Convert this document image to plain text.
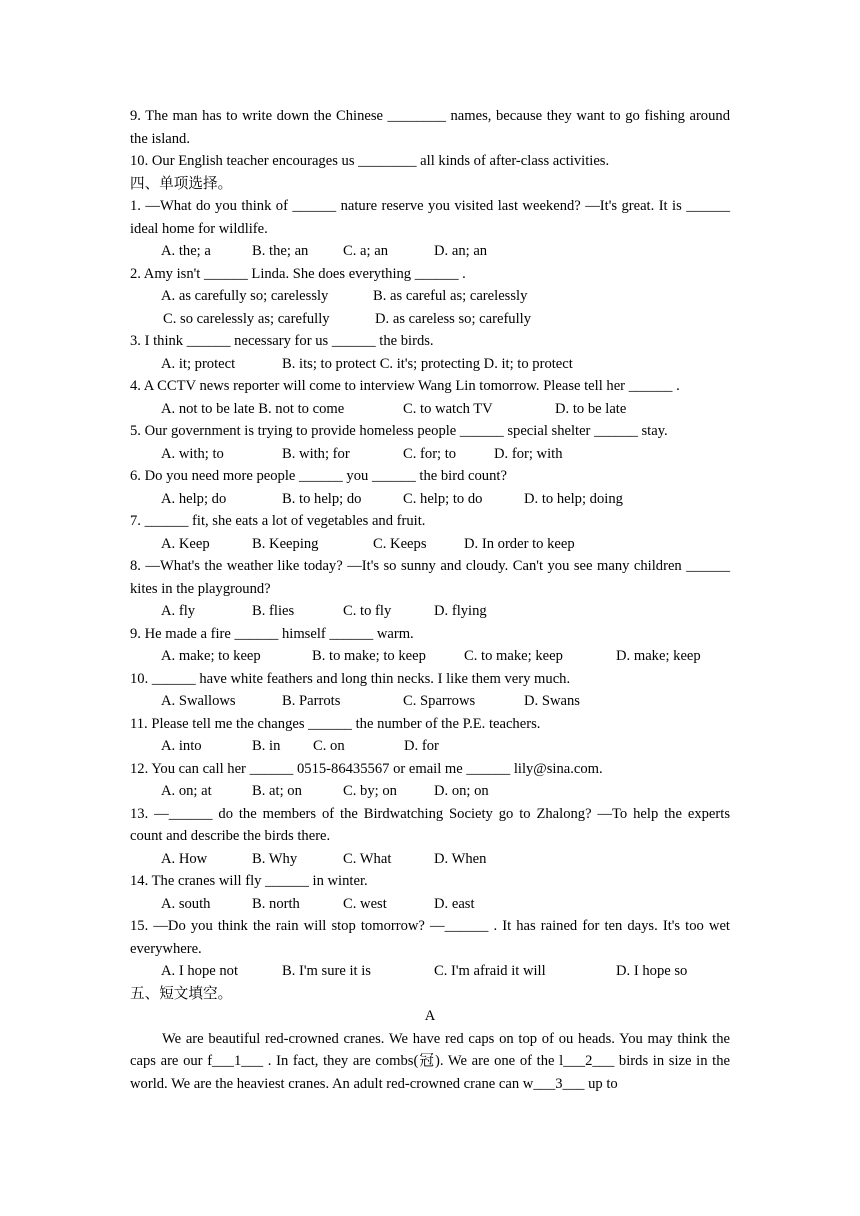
9. The man has to write down the Chinese ________ names, because they want to go fishing around the island.

10. Our English teacher encourages us ________ all kinds of after-class activities.

四、单项选择。

1. —What do you think of ______ nature reserve you visited last weekend? —It's great. It is ______ ideal home for wildlife.

A. the; a	B. the; an	C. a; an	D. an; an

2. Amy isn't ______ Linda. She does everything ______ .

A. as carefully so; carelessly	B. as careful as; carelessly
C. so carelessly as; carefully	D. as careless so; carefully

3. I think ______ necessary for us ______ the birds.

A. it; protect	B. its; to protect C. it's; protecting D. it; to protect

4. A CCTV news reporter will come to interview Wang Lin tomorrow. Please tell her ______ .

A. not to be late B. not to come	C. to watch TV	D. to be late

5. Our government is trying to provide homeless people ______ special shelter ______ stay.

A. with; to	B. with; for	C. for; to	D. for; with

6. Do you need more people ______ you ______ the bird count?

A. help; do	B. to help; do	C. help; to do	D. to help; doing

7. ______ fit, she eats a lot of vegetables and fruit.

A. Keep	B. Keeping	C. Keeps	D. In order to keep

8. —What's the weather like today? —It's so sunny and cloudy. Can't you see many children ______ kites in the playground?

A. fly	B. flies	C. to fly	D. flying

9. He made a fire ______ himself ______ warm.

A. make; to keep	B. to make; to keep	C. to make; keep	D. make; keep

10. ______ have white feathers and long thin necks. I like them very much.

A. Swallows	B. Parrots	C. Sparrows	D. Swans

11. Please tell me the changes ______ the number of the P.E. teachers.

A. into	B. in	C. on	D. for

12. You can call her ______ 0515-86435567 or email me ______ lily@sina.com.

A. on; at	B. at; on	C. by; on	D. on; on

13. —______ do the members of the Birdwatching Society go to Zhalong? —To help the experts count and describe the birds there.

A. How	B. Why	C. What	D. When

14. The cranes will fly ______ in winter.

A. south	B. north	C. west	D. east

15. —Do you think the rain will stop tomorrow? —______ . It has rained for ten days. It's too wet everywhere.

A. I hope not	B. I'm sure it is	C. I'm afraid it will	D. I hope so

五、短文填空。

A

We are beautiful red-crowned cranes. We have red caps on top of ou heads. You may think the caps are our f___1___ . In fact, they are combs(冠). We are one of the l___2___ birds in size in the world. We are the heaviest cranes. An adult red-crowned crane can w___3___ up to
